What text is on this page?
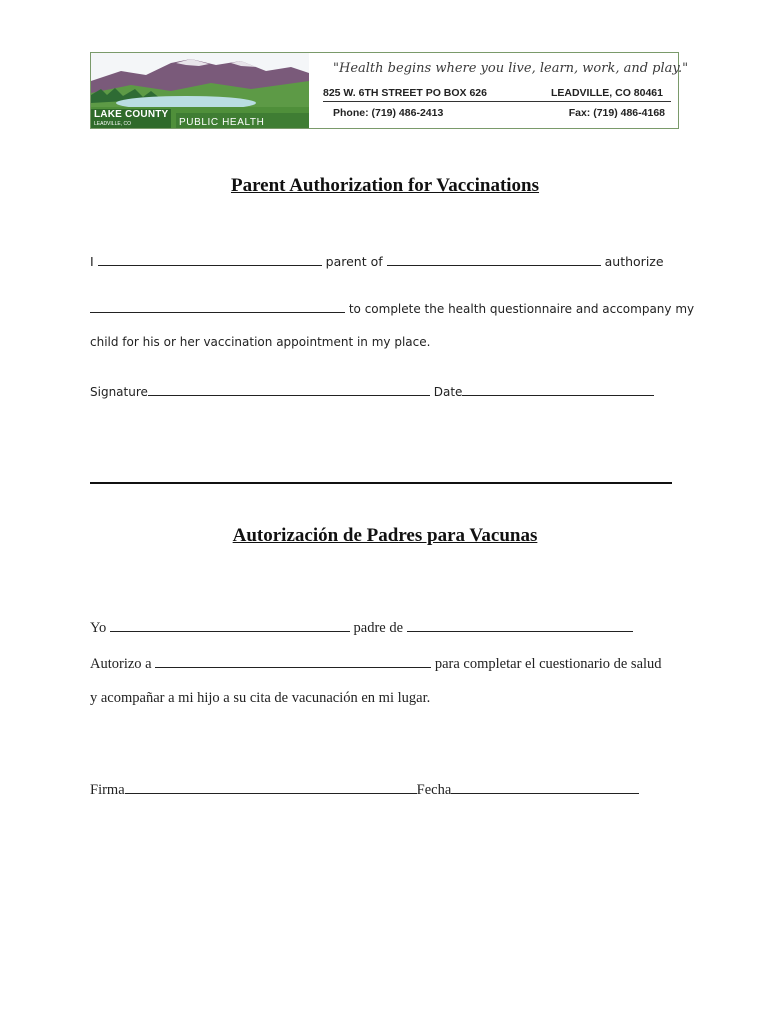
LAKE COUNTY
LEADVILLE, CO	PUBLIC HEALTH AGENCY
"Health begins where you live, learn, work, and play."
825 W. 6TH STREET PO BOX 626	LEADVILLE, CO 80461
Phone: (719) 486-2413	Fax: (719) 486-4168
Parent Authorization for Vaccinations
I	parent of	authorize
to complete the health questionnaire and accompany my
child for his or her vaccination appointment in my place.
Signature	Date
Autorización de Padres para Vacunas
Yo	padre de
Autorizo a	para completar el cuestionario de salud
y acompañar a mi hijo a su cita de vacunación en mi lugar.
Firma	Fecha
